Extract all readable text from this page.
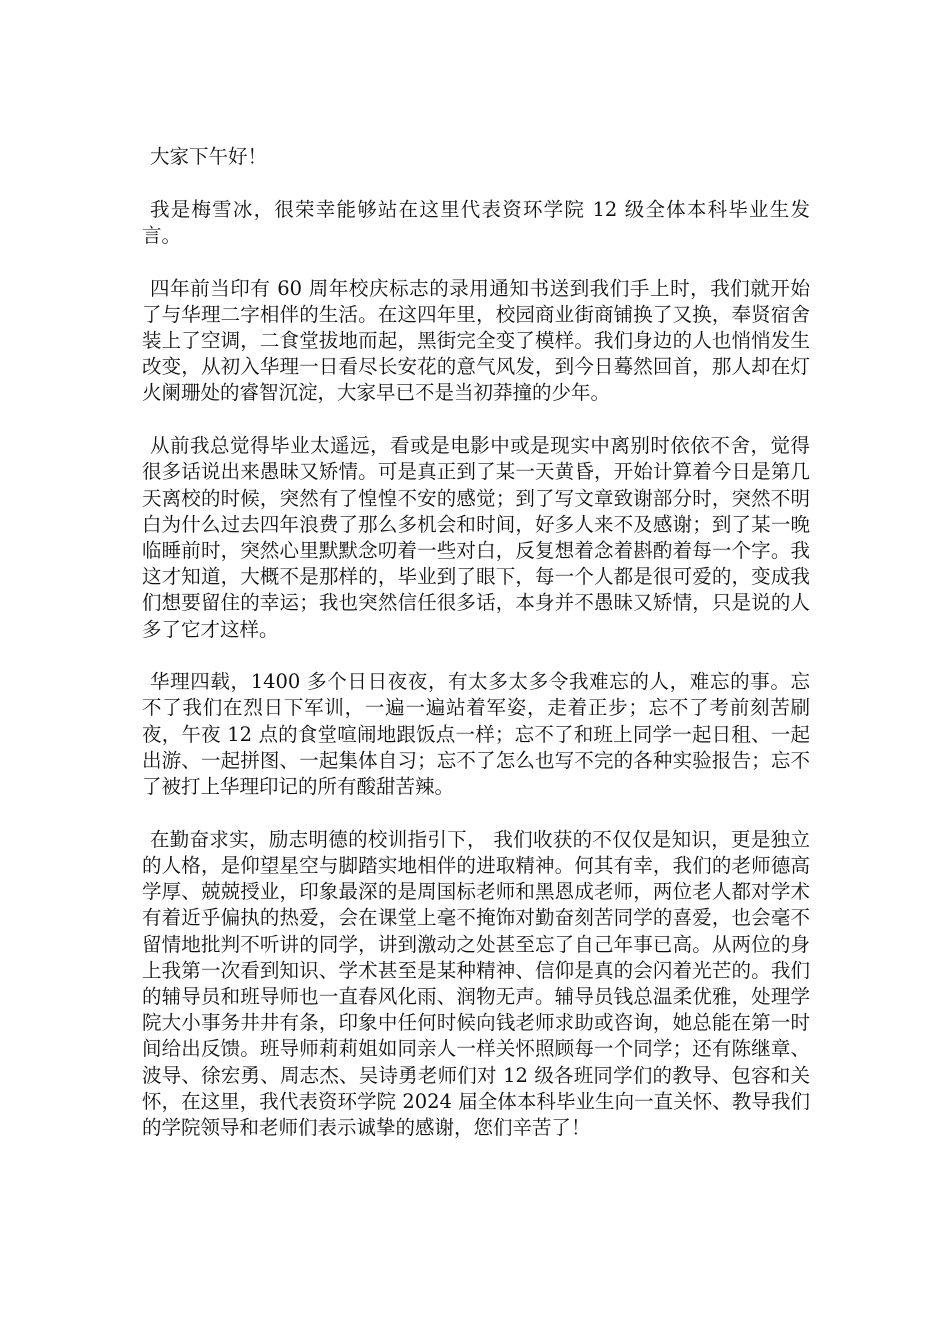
大家下午好！

我是梅雪冰，很荣幸能够站在这里代表资环学院 12 级全体本科毕业生发言。

四年前当印有 60 周年校庆标志的录用通知书送到我们手上时，我们就开始了与华理二字相伴的生活。在这四年里，校园商业街商铺换了又换，奉贤宿舍装上了空调，二食堂拔地而起，黑街完全变了模样。我们身边的人也悄悄发生改变，从初入华理一日看尽长安花的意气风发，到今日蓦然回首，那人却在灯火阑珊处的睿智沉淀，大家早已不是当初莽撞的少年。

从前我总觉得毕业太遥远，看或是电影中或是现实中离别时依依不舍，觉得很多话说出来愚昧又矫情。可是真正到了某一天黄昏，开始计算着今日是第几天离校的时候，突然有了惶惶不安的感觉；到了写文章致谢部分时，突然不明白为什么过去四年浪费了那么多机会和时间，好多人来不及感谢；到了某一晚临睡前时，突然心里默默念叨着一些对白，反复想着念着斟酌着每一个字。我这才知道，大概不是那样的，毕业到了眼下，每一个人都是很可爱的，变成我们想要留住的幸运；我也突然信任很多话，本身并不愚昧又矫情，只是说的人多了它才这样。

华理四载，1400 多个日日夜夜，有太多太多令我难忘的人，难忘的事。忘不了我们在烈日下军训，一遍一遍站着军姿，走着正步；忘不了考前刻苦刷夜，午夜 12 点的食堂喧闹地跟饭点一样；忘不了和班上同学一起日租、一起出游、一起拼图、一起集体自习；忘不了怎么也写不完的各种实验报告；忘不了被打上华理印记的所有酸甜苦辣。

在勤奋求实，励志明德的校训指引下， 我们收获的不仅仅是知识，更是独立的人格，是仰望星空与脚踏实地相伴的进取精神。何其有幸，我们的老师德高学厚、兢兢授业，印象最深的是周国标老师和黑恩成老师，两位老人都对学术有着近乎偏执的热爱，会在课堂上毫不掩饰对勤奋刻苦同学的喜爱，也会毫不留情地批判不听讲的同学，讲到激动之处甚至忘了自己年事已高。从两位的身上我第一次看到知识、学术甚至是某种精神、信仰是真的会闪着光芒的。我们的辅导员和班导师也一直春风化雨、润物无声。辅导员钱总温柔优雅，处理学院大小事务井井有条，印象中任何时候向钱老师求助或咨询，她总能在第一时间给出反馈。班导师莉莉姐如同亲人一样关怀照顾每一个同学；还有陈继章、波导、徐宏勇、周志杰、吴诗勇老师们对 12 级各班同学们的教导、包容和关怀，在这里，我代表资环学院 2024 届全体本科毕业生向一直关怀、教导我们的学院领导和老师们表示诚挚的感谢，您们辛苦了！
